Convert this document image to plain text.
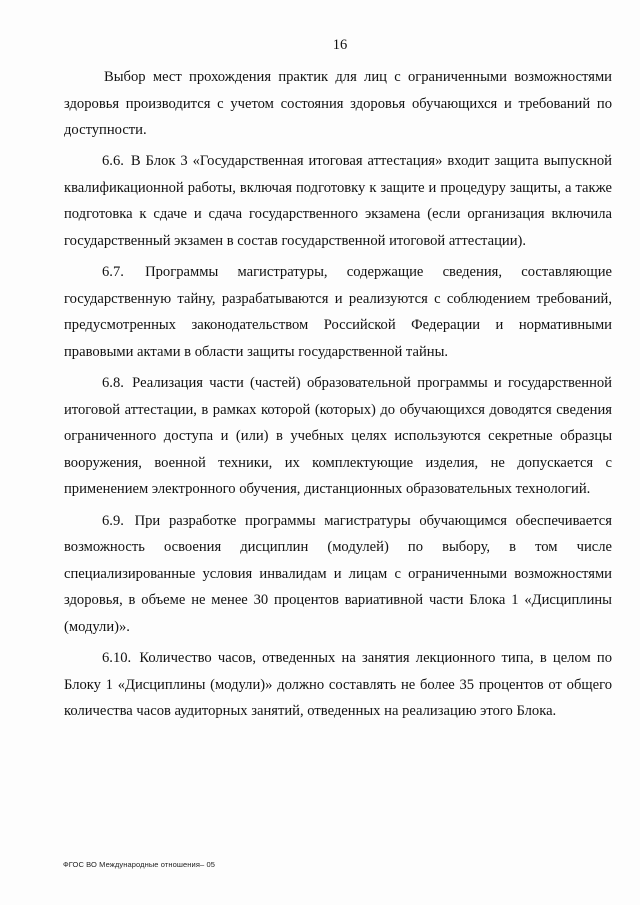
16

Выбор мест прохождения практик для лиц с ограниченными возможностями здоровья производится с учетом состояния здоровья обучающихся и требований по доступности.

6.6. В Блок 3 «Государственная итоговая аттестация» входит защита выпускной квалификационной работы, включая подготовку к защите и процедуру защиты, а также подготовка к сдаче и сдача государственного экзамена (если организация включила государственный экзамен в состав государственной итоговой аттестации).

6.7. Программы магистратуры, содержащие сведения, составляющие государственную тайну, разрабатываются и реализуются с соблюдением требований, предусмотренных законодательством Российской Федерации и нормативными правовыми актами в области защиты государственной тайны.

6.8. Реализация части (частей) образовательной программы и государственной итоговой аттестации, в рамках которой (которых) до обучающихся доводятся сведения ограниченного доступа и (или) в учебных целях используются секретные образцы вооружения, военной техники, их комплектующие изделия, не допускается с применением электронного обучения, дистанционных образовательных технологий.

6.9. При разработке программы магистратуры обучающимся обеспечивается возможность освоения дисциплин (модулей) по выбору, в том числе специализированные условия инвалидам и лицам с ограниченными возможностями здоровья, в объеме не менее 30 процентов вариативной части Блока 1 «Дисциплины (модули)».

6.10. Количество часов, отведенных на занятия лекционного типа, в целом по Блоку 1 «Дисциплины (модули)» должно составлять не более 35 процентов от общего количества часов аудиторных занятий, отведенных на реализацию этого Блока.

ФГОС ВО Международные отношения– 05
